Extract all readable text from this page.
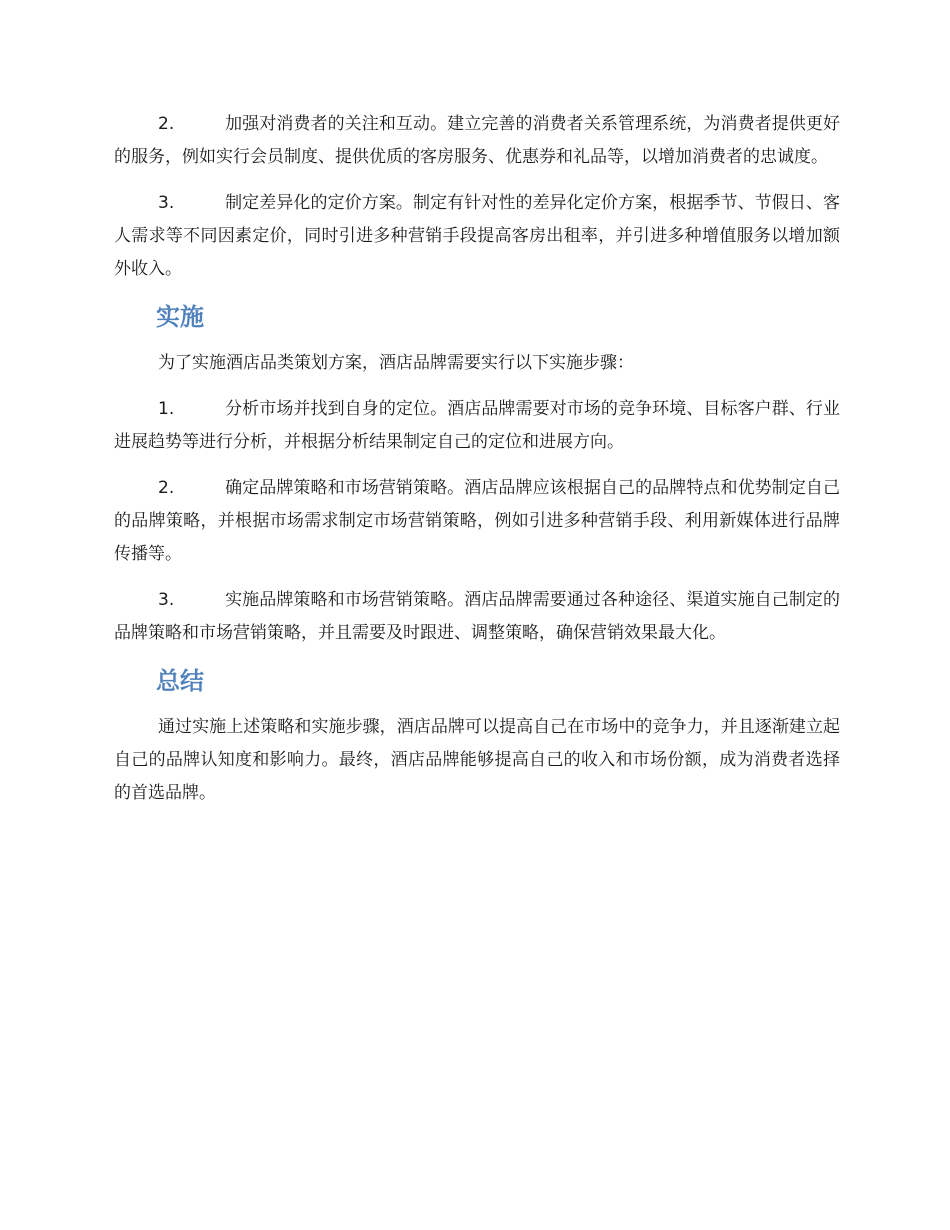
2.	加强对消费者的关注和互动。建立完善的消费者关系管理系统，为消费者提供更好的服务，例如实行会员制度、提供优质的客房服务、优惠券和礼品等，以增加消费者的忠诚度。

3.	制定差异化的定价方案。制定有针对性的差异化定价方案，根据季节、节假日、客人需求等不同因素定价，同时引进多种营销手段提高客房出租率，并引进多种增值服务以增加额外收入。

实施

为了实施酒店品类策划方案，酒店品牌需要实行以下实施步骤：

1.	分析市场并找到自身的定位。酒店品牌需要对市场的竞争环境、目标客户群、行业进展趋势等进行分析，并根据分析结果制定自己的定位和进展方向。

2.	确定品牌策略和市场营销策略。酒店品牌应该根据自己的品牌特点和优势制定自己的品牌策略，并根据市场需求制定市场营销策略，例如引进多种营销手段、利用新媒体进行品牌传播等。

3.	实施品牌策略和市场营销策略。酒店品牌需要通过各种途径、渠道实施自己制定的品牌策略和市场营销策略，并且需要及时跟进、调整策略，确保营销效果最大化。

总结

通过实施上述策略和实施步骤，酒店品牌可以提高自己在市场中的竞争力，并且逐渐建立起自己的品牌认知度和影响力。最终，酒店品牌能够提高自己的收入和市场份额，成为消费者选择的首选品牌。
